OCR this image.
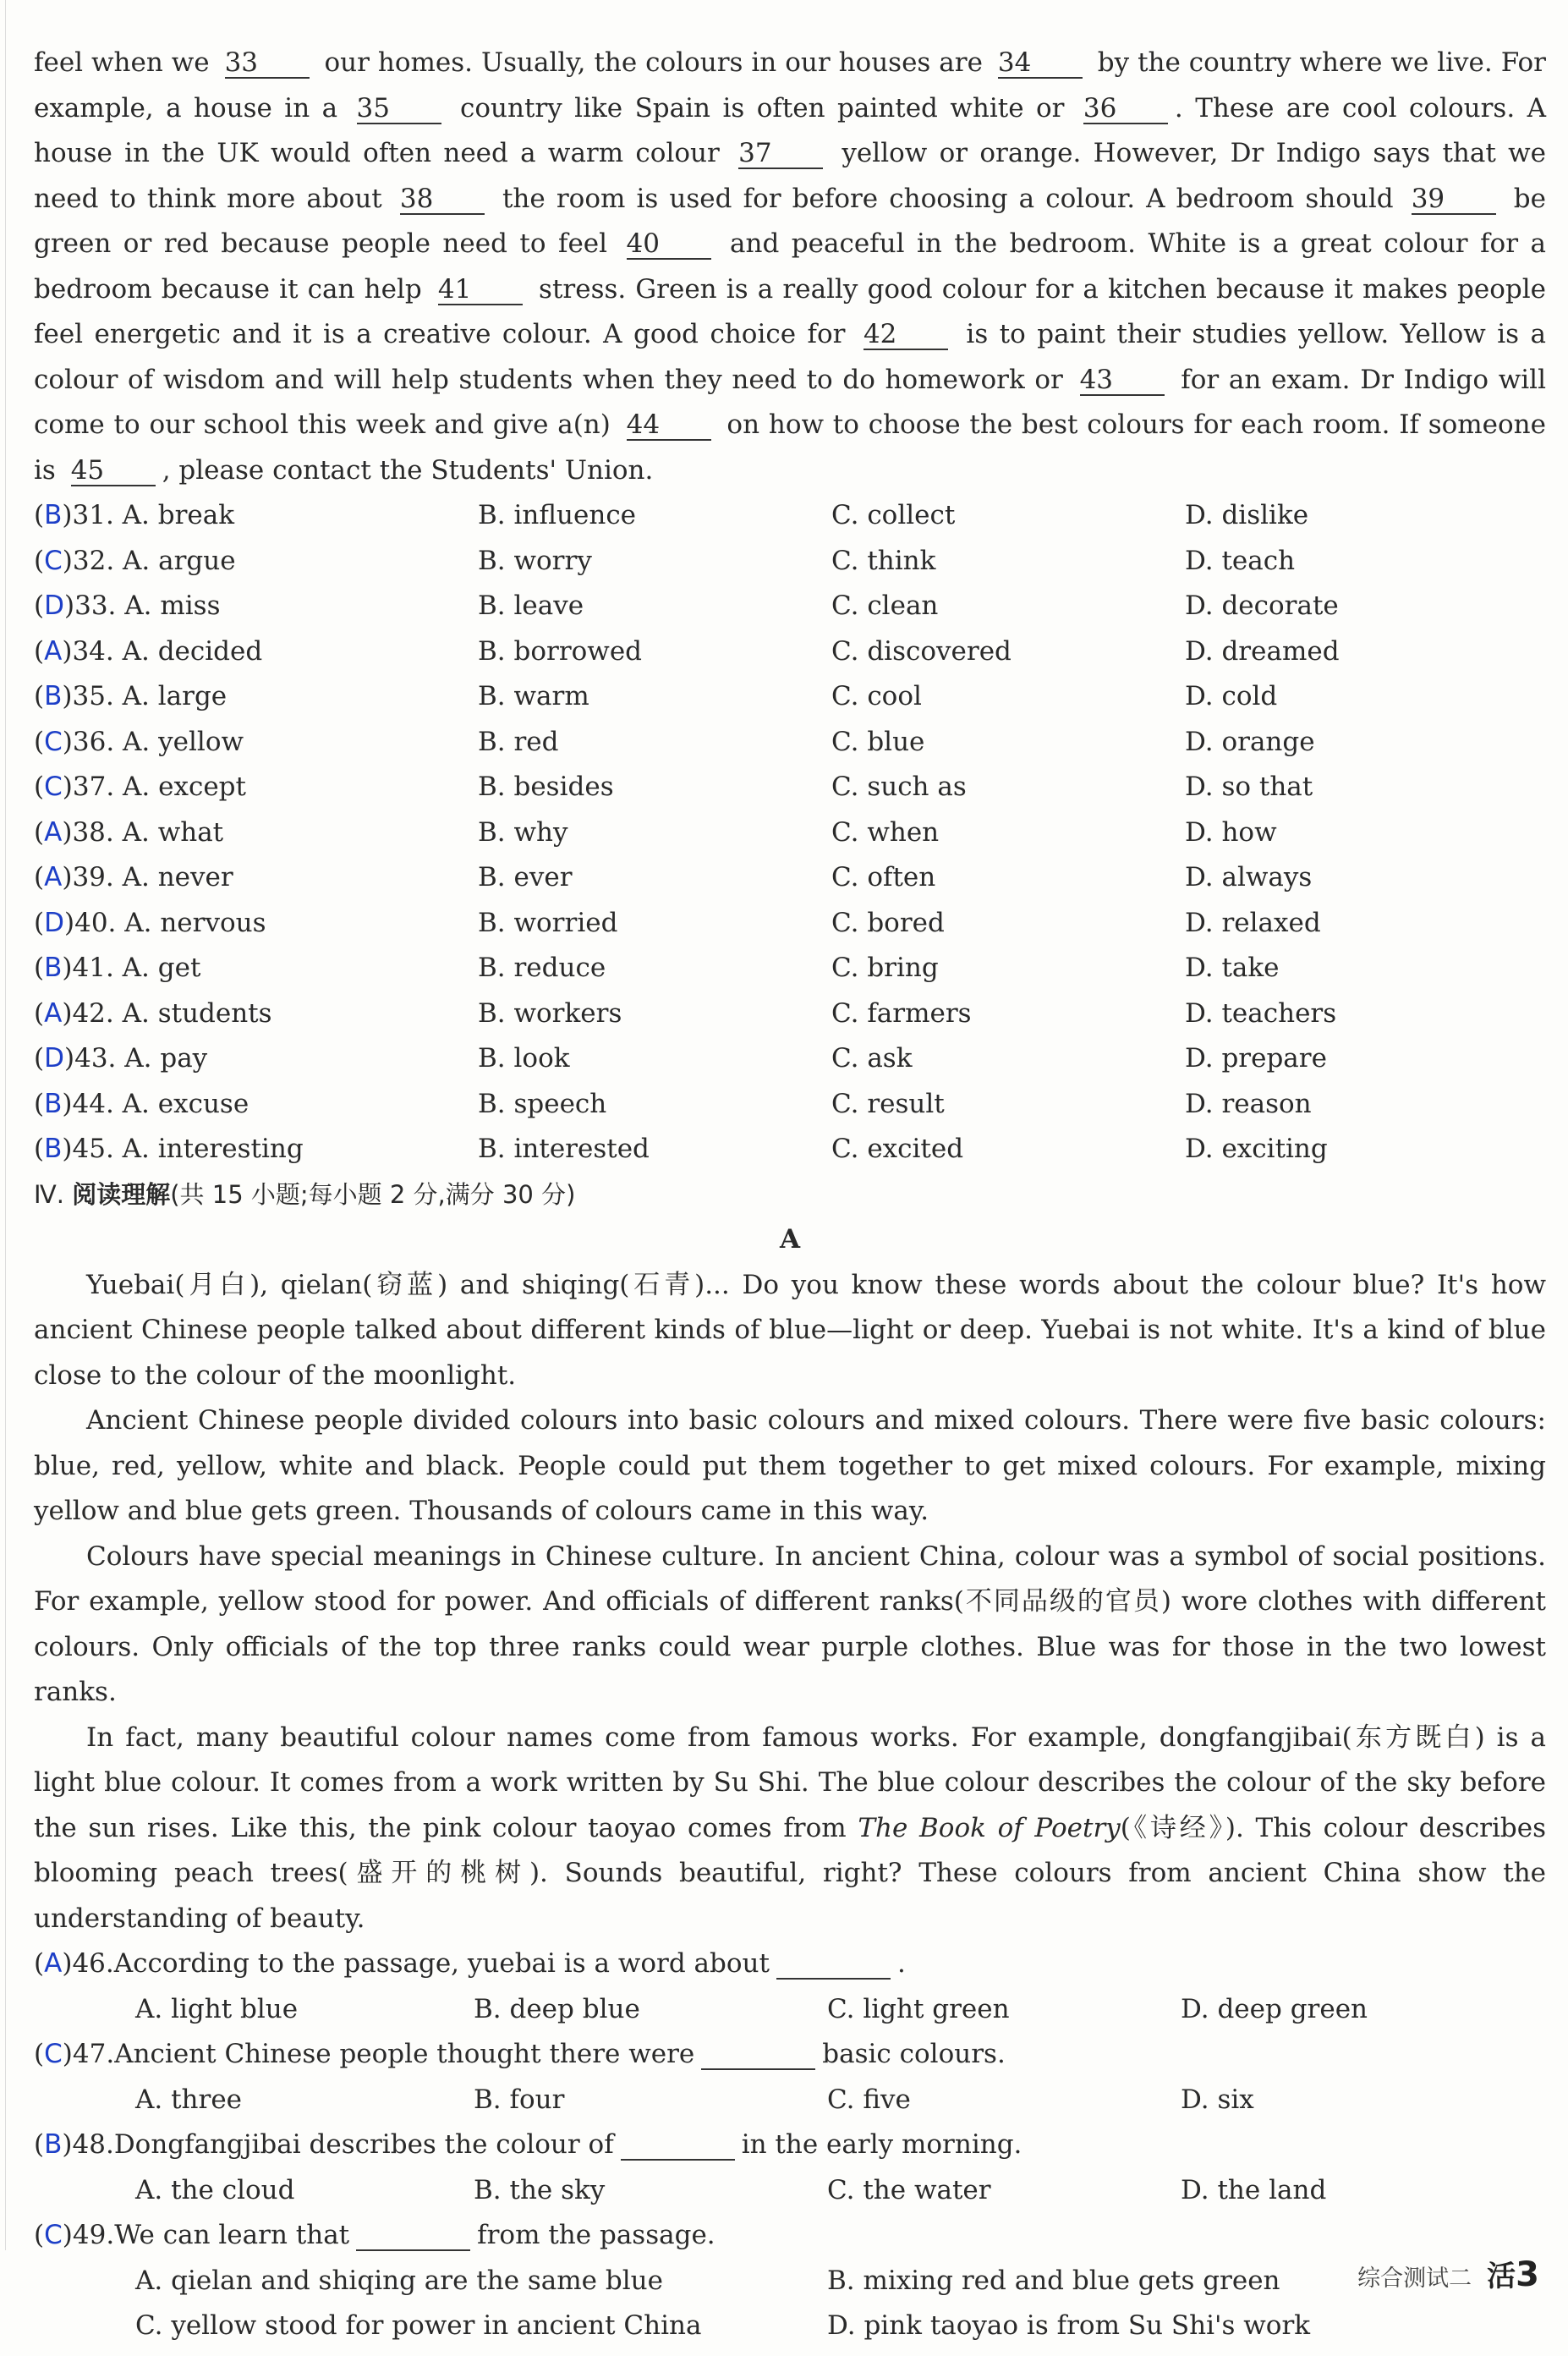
feel when we 33 our homes. Usually, the colours in our houses are 34 by the country where we live. For example, a house in a 35 country like Spain is often painted white or 36 . These are cool colours. A house in the UK would often need a warm colour 37 yellow or orange. However, Dr Indigo says that we need to think more about 38 the room is used for before choosing a colour. A bedroom should 39 be green or red because people need to feel 40 and peaceful in the bedroom. White is a great colour for a bedroom because it can help 41 stress. Green is a really good colour for a kitchen because it makes people feel energetic and it is a creative colour. A good choice for 42 is to paint their studies yellow. Yellow is a colour of wisdom and will help students when they need to do homework or 43 for an exam. Dr Indigo will come to our school this week and give a(n) 44 on how to choose the best colours for each room. If someone is 45 , please contact the Students' Union.
(B)31. A. break	B. influence	C. collect	D. dislike
(C)32. A. argue	B. worry	C. think	D. teach
(D)33. A. miss	B. leave	C. clean	D. decorate
(A)34. A. decided	B. borrowed	C. discovered	D. dreamed
(B)35. A. large	B. warm	C. cool	D. cold
(C)36. A. yellow	B. red	C. blue	D. orange
(C)37. A. except	B. besides	C. such as	D. so that
(A)38. A. what	B. why	C. when	D. how
(A)39. A. never	B. ever	C. often	D. always
(D)40. A. nervous	B. worried	C. bored	D. relaxed
(B)41. A. get	B. reduce	C. bring	D. take
(A)42. A. students	B. workers	C. farmers	D. teachers
(D)43. A. pay	B. look	C. ask	D. prepare
(B)44. A. excuse	B. speech	C. result	D. reason
(B)45. A. interesting	B. interested	C. excited	D. exciting
Ⅳ. 阅读理解(共 15 小题;每小题 2 分,满分 30 分)
A
Yuebai(月白), qielan(窃蓝) and shiqing(石青)... Do you know these words about the colour blue? It's how ancient Chinese people talked about different kinds of blue—light or deep. Yuebai is not white. It's a kind of blue close to the colour of the moonlight.
Ancient Chinese people divided colours into basic colours and mixed colours. There were five basic colours: blue, red, yellow, white and black. People could put them together to get mixed colours. For example, mixing yellow and blue gets green. Thousands of colours came in this way.
Colours have special meanings in Chinese culture. In ancient China, colour was a symbol of social positions. For example, yellow stood for power. And officials of different ranks(不同品级的官员) wore clothes with different colours. Only officials of the top three ranks could wear purple clothes. Blue was for those in the two lowest ranks.
In fact, many beautiful colour names come from famous works. For example, dongfangjibai(东方既白) is a light blue colour. It comes from a work written by Su Shi. The blue colour describes the colour of the sky before the sun rises. Like this, the pink colour taoyao comes from The Book of Poetry(《诗经》). This colour describes blooming peach trees(盛开的桃树). Sounds beautiful, right? These colours from ancient China show the understanding of beauty.
( A ) 46. According to the passage, yuebai is a word about
	.
A. light blue	B. deep blue	C. light green	D. deep green
( C ) 47. Ancient Chinese people thought there were
	basic colours.
A. three	B. four	C. five	D. six
( B ) 48. Dongfangjibai describes the colour of
	in the early morning.
A. the cloud	B. the sky	C. the water	D. the land
( C ) 49. We can learn that
	from the passage.
A. qielan and shiqing are the same blue	B. mixing red and blue gets green
C. yellow stood for power in ancient China	D. pink taoyao is from Su Shi's work
综合测试二 活3
